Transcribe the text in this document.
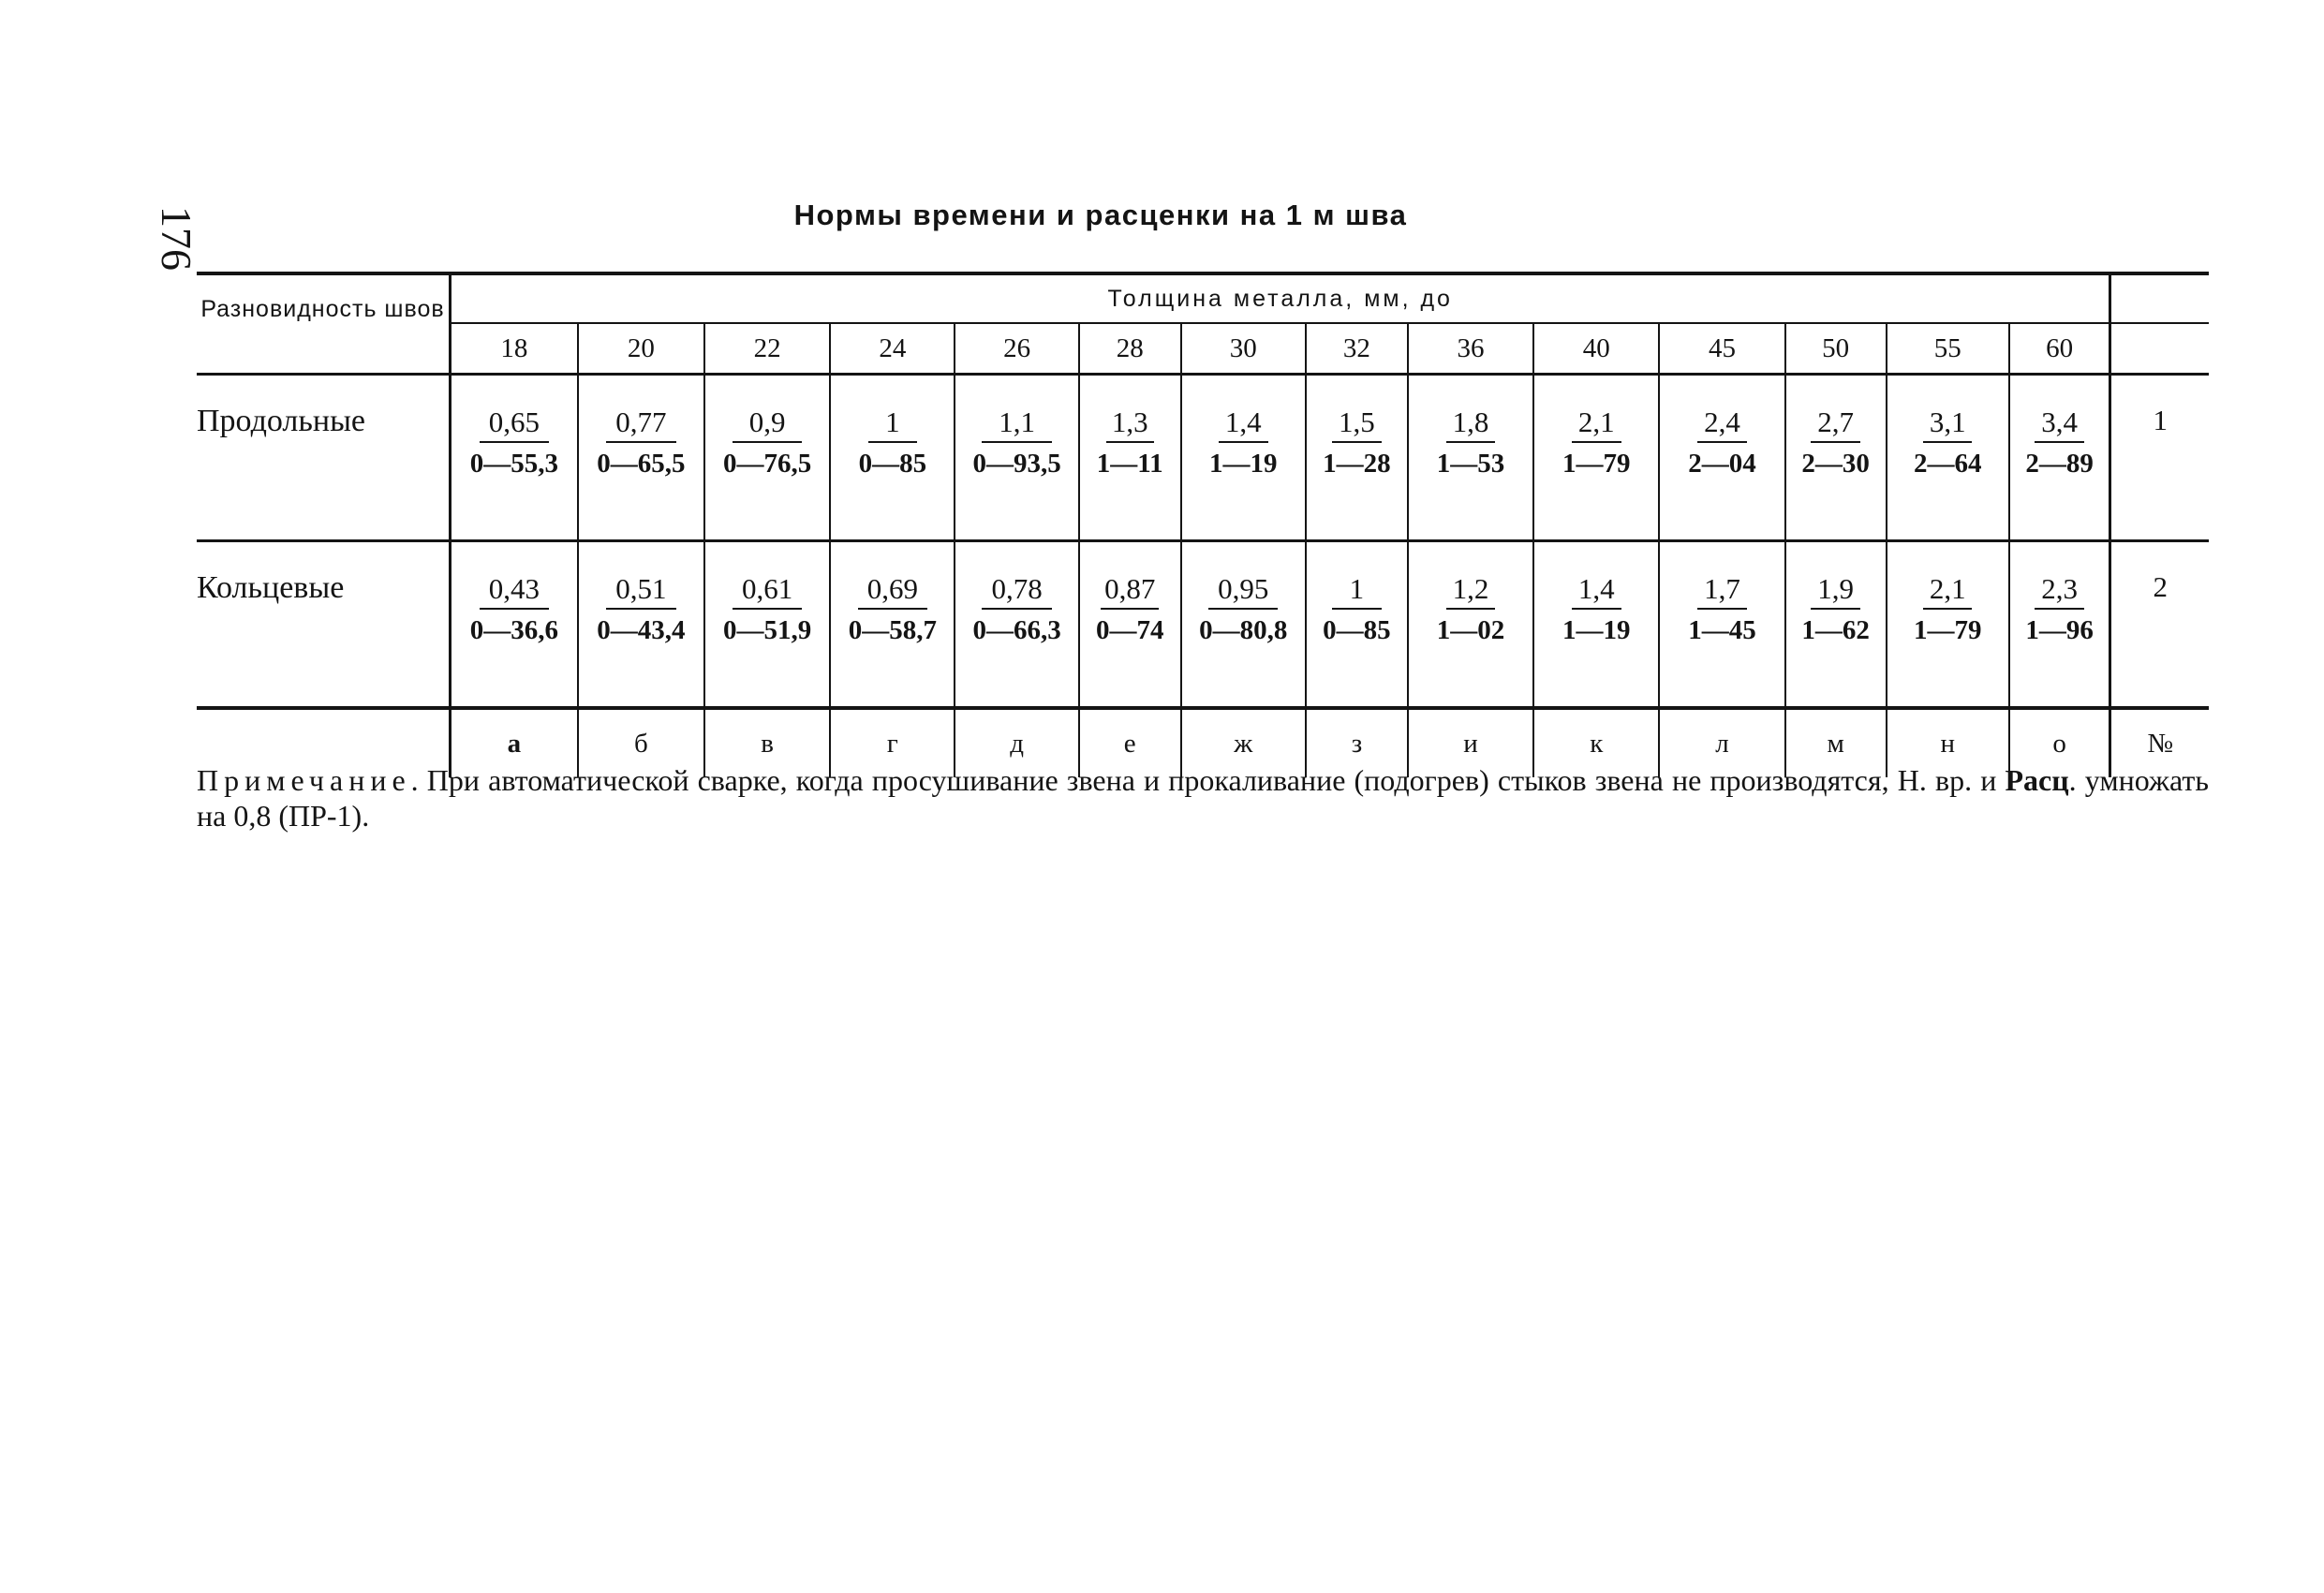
176	Нормы времени и расценки на 1 м шва
Разновидность швов	Толщина металла, мм, до														
	18	20	22	24	26	28	30	32	36	40	45	50	55	60	
Продольные	$\frac{0,65}{0—55,3}$	$\frac{0,77}{0—65,5}$	$\frac{0,9}{0—76,5}$	$\frac{1}{0—85}$	$\frac{1,1}{0—93,5}$	$\frac{1,3}{1—11}$	$\frac{1,4}{1—19}$	$\frac{1,5}{1—28}$	$\frac{1,8}{1—53}$	$\frac{2,1}{1—79}$	$\frac{2,4}{2—04}$	$\frac{2,7}{2—30}$	$\frac{3,1}{2—64}$	$\frac{3,4}{2—89}$	1
Кольцевые	$\frac{0,43}{0—36,6}$	$\frac{0,51}{0—43,4}$	$\frac{0,61}{0—51,9}$	$\frac{0,69}{0—58,7}$	$\frac{0,78}{0—66,3}$	$\frac{0,87}{0—74}$	$\frac{0,95}{0—80,8}$	$\frac{1}{0—85}$	$\frac{1,2}{1—02}$	$\frac{1,4}{1—19}$	$\frac{1,7}{1—45}$	$\frac{1,9}{1—62}$	$\frac{2,1}{1—79}$	$\frac{2,3}{1—96}$	2
	а	б	в	г	д	е	ж	з	и	к	л	м	н	о	№
Примечание. При автоматической сварке, когда просушивание звена и прокаливание (подогрев) стыков звена не производятся, Н. вр. и Расц. умножать на 0,8 (ПР-1).
